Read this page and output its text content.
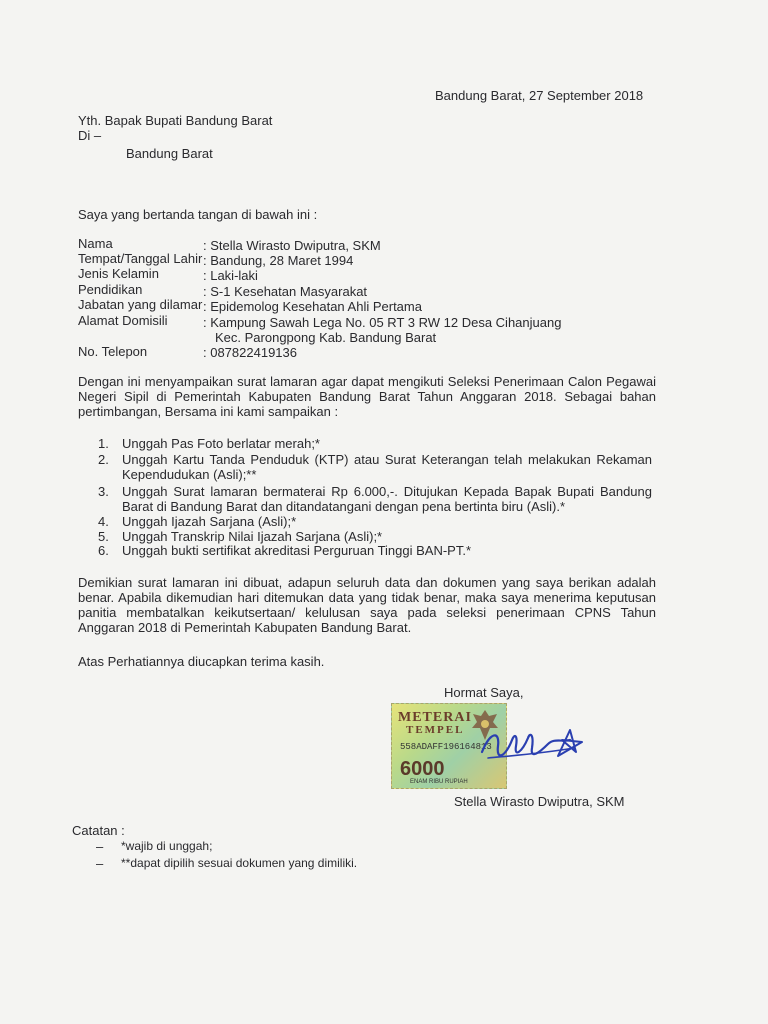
Bandung Barat, 27 September 2018
Yth. Bapak Bupati Bandung Barat
Di –
Bandung Barat
Saya yang bertanda tangan di bawah ini :
Nama	: Stella Wirasto Dwiputra, SKM
Tempat/Tanggal Lahir : Bandung, 28 Maret 1994
Jenis Kelamin	: Laki-laki
Pendidikan	: S-1 Kesehatan Masyarakat
Jabatan yang dilamar : Epidemolog Kesehatan Ahli Pertama
Alamat Domisili	: Kampung Sawah Lega No. 05 RT 3 RW 12 Desa Cihanjuang
Kec. Parongpong Kab. Bandung Barat
No. Telepon	: 087822419136
Dengan ini menyampaikan surat lamaran agar dapat mengikuti Seleksi Penerimaan Calon Pegawai Negeri Sipil di Pemerintah Kabupaten Bandung Barat Tahun Anggaran 2018. Sebagai bahan pertimbangan, Bersama ini kami sampaikan :
1. Unggah Pas Foto berlatar merah;*
2. Unggah Kartu Tanda Penduduk (KTP) atau Surat Keterangan telah melakukan Rekaman Kependudukan (Asli);**
3. Unggah Surat lamaran bermaterai Rp 6.000,-. Ditujukan Kepada Bapak Bupati Bandung Barat di Bandung Barat dan ditandatangani dengan pena bertinta biru (Asli).*
4. Unggah Ijazah Sarjana (Asli);*
5. Unggah Transkrip Nilai Ijazah Sarjana (Asli);*
6. Unggah bukti sertifikat akreditasi Perguruan Tinggi BAN-PT.*
Demikian surat lamaran ini dibuat, adapun seluruh data dan dokumen yang saya berikan adalah benar. Apabila dikemudian hari ditemukan data yang tidak benar, maka saya menerima keputusan panitia membatalkan keikutsertaan/ kelulusan saya pada seleksi penerimaan CPNS Tahun Anggaran 2018 di Pemerintah Kabupaten Bandung Barat.
Atas Perhatiannya diucapkan terima kasih.
Hormat Saya,
METERAI
TEMPEL
558ADAFF196164813
6000
ENAM RIBU RUPIAH
Stella Wirasto Dwiputra, SKM
Catatan :
– *wajib di unggah;
– **dapat dipilih sesuai dokumen yang dimiliki.
